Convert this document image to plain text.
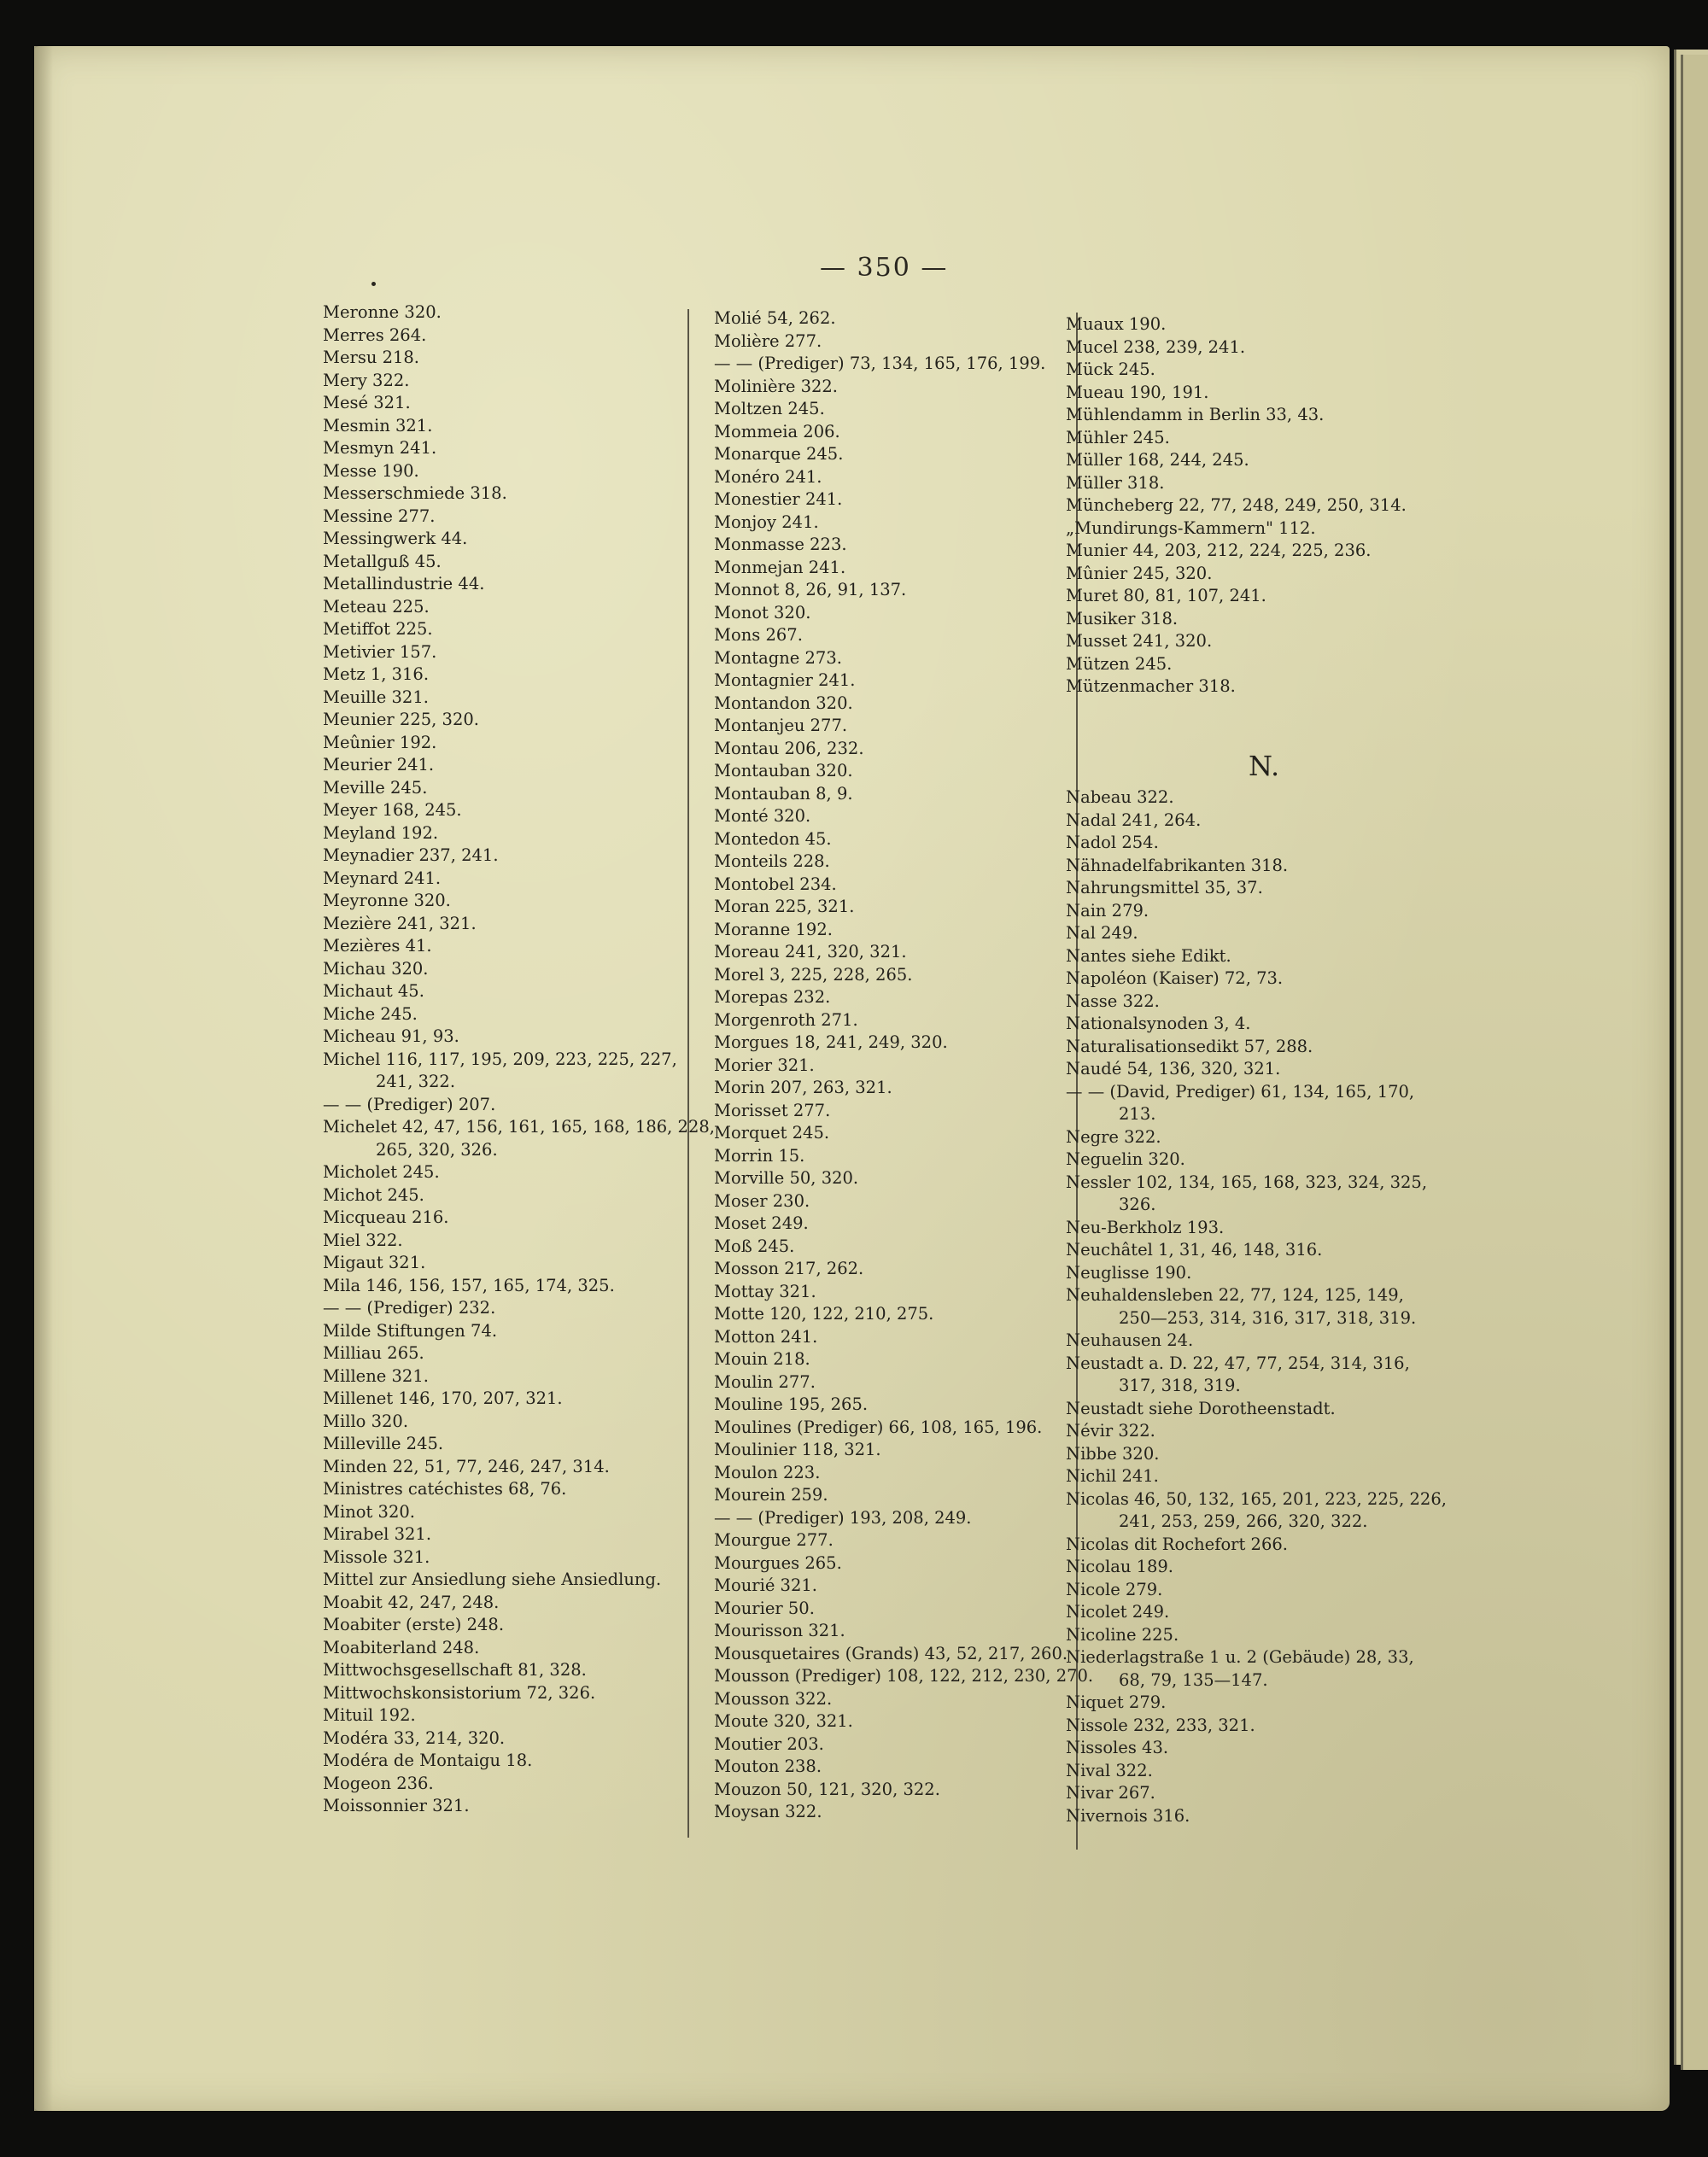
— 350 —
Meronne 320.
Merres 264.
Mersu 218.
Mery 322.
Mesé 321.
Mesmin 321.
Mesmyn 241.
Messe 190.
Messerschmiede 318.
Messine 277.
Messingwerk 44.
Metallguß 45.
Metallindustrie 44.
Meteau 225.
Metiffot 225.
Metivier 157.
Metz 1, 316.
Meuille 321.
Meunier 225, 320.
Meûnier 192.
Meurier 241.
Meville 245.
Meyer 168, 245.
Meyland 192.
Meynadier 237, 241.
Meynard 241.
Meyronne 320.
Mezière 241, 321.
Mezières 41.
Michau 320.
Michaut 45.
Miche 245.
Micheau 91, 93.
Michel 116, 117, 195, 209, 223, 225, 227,
241, 322.
— — (Prediger) 207.
Michelet 42, 47, 156, 161, 165, 168, 186, 228,
265, 320, 326.
Micholet 245.
Michot 245.
Micqueau 216.
Miel 322.
Migaut 321.
Mila 146, 156, 157, 165, 174, 325.
— — (Prediger) 232.
Milde Stiftungen 74.
Milliau 265.
Millene 321.
Millenet 146, 170, 207, 321.
Millo 320.
Milleville 245.
Minden 22, 51, 77, 246, 247, 314.
Ministres catéchistes 68, 76.
Minot 320.
Mirabel 321.
Missole 321.
Mittel zur Ansiedlung siehe Ansiedlung.
Moabit 42, 247, 248.
Moabiter (erste) 248.
Moabiterland 248.
Mittwochsgesellschaft 81, 328.
Mittwochskonsistorium 72, 326.
Mituil 192.
Modéra 33, 214, 320.
Modéra de Montaigu 18.
Mogeon 236.
Moissonnier 321.
Molié 54, 262.
Molière 277.
— — (Prediger) 73, 134, 165, 176, 199.
Molinière 322.
Moltzen 245.
Mommeia 206.
Monarque 245.
Monéro 241.
Monestier 241.
Monjoy 241.
Monmasse 223.
Monmejan 241.
Monnot 8, 26, 91, 137.
Monot 320.
Mons 267.
Montagne 273.
Montagnier 241.
Montandon 320.
Montanjeu 277.
Montau 206, 232.
Montauban 320.
Montauban 8, 9.
Monté 320.
Montedon 45.
Monteils 228.
Montobel 234.
Moran 225, 321.
Moranne 192.
Moreau 241, 320, 321.
Morel 3, 225, 228, 265.
Morepas 232.
Morgenroth 271.
Morgues 18, 241, 249, 320.
Morier 321.
Morin 207, 263, 321.
Morisset 277.
Morquet 245.
Morrin 15.
Morville 50, 320.
Moser 230.
Moset 249.
Moß 245.
Mosson 217, 262.
Mottay 321.
Motte 120, 122, 210, 275.
Motton 241.
Mouin 218.
Moulin 277.
Mouline 195, 265.
Moulines (Prediger) 66, 108, 165, 196.
Moulinier 118, 321.
Moulon 223.
Mourein 259.
— — (Prediger) 193, 208, 249.
Mourgue 277.
Mourgues 265.
Mourié 321.
Mourier 50.
Mourisson 321.
Mousquetaires (Grands) 43, 52, 217, 260.
Mousson (Prediger) 108, 122, 212, 230, 270.
Mousson 322.
Moute 320, 321.
Moutier 203.
Mouton 238.
Mouzon 50, 121, 320, 322.
Moysan 322.
Muaux 190.
Mucel 238, 239, 241.
Mück 245.
Mueau 190, 191.
Mühlendamm in Berlin 33, 43.
Mühler 245.
Müller 168, 244, 245.
Müller 318.
Müncheberg 22, 77, 248, 249, 250, 314.
„Mundirungs-Kammern" 112.
Munier 44, 203, 212, 224, 225, 236.
Mûnier 245, 320.
Muret 80, 81, 107, 241.
Musiker 318.
Musset 241, 320.
Mützen 245.
Mützenmacher 318.
N.
Nabeau 322.
Nadal 241, 264.
Nadol 254.
Nähnadelfabrikanten 318.
Nahrungsmittel 35, 37.
Nain 279.
Nal 249.
Nantes siehe Edikt.
Napoléon (Kaiser) 72, 73.
Nasse 322.
Nationalsynoden 3, 4.
Naturalisationsedikt 57, 288.
Naudé 54, 136, 320, 321.
— — (David, Prediger) 61, 134, 165, 170,
213.
Negre 322.
Neguelin 320.
Nessler 102, 134, 165, 168, 323, 324, 325,
326.
Neu-Berkholz 193.
Neuchâtel 1, 31, 46, 148, 316.
Neuglisse 190.
Neuhaldensleben 22, 77, 124, 125, 149,
250—253, 314, 316, 317, 318, 319.
Neuhausen 24.
Neustadt a. D. 22, 47, 77, 254, 314, 316,
317, 318, 319.
Neustadt siehe Dorotheenstadt.
Névir 322.
Nibbe 320.
Nichil 241.
Nicolas 46, 50, 132, 165, 201, 223, 225, 226,
241, 253, 259, 266, 320, 322.
Nicolas dit Rochefort 266.
Nicolau 189.
Nicole 279.
Nicolet 249.
Nicoline 225.
Niederlagstraße 1 u. 2 (Gebäude) 28, 33,
68, 79, 135—147.
Niquet 279.
Nissole 232, 233, 321.
Nissoles 43.
Nival 322.
Nivar 267.
Nivernois 316.
